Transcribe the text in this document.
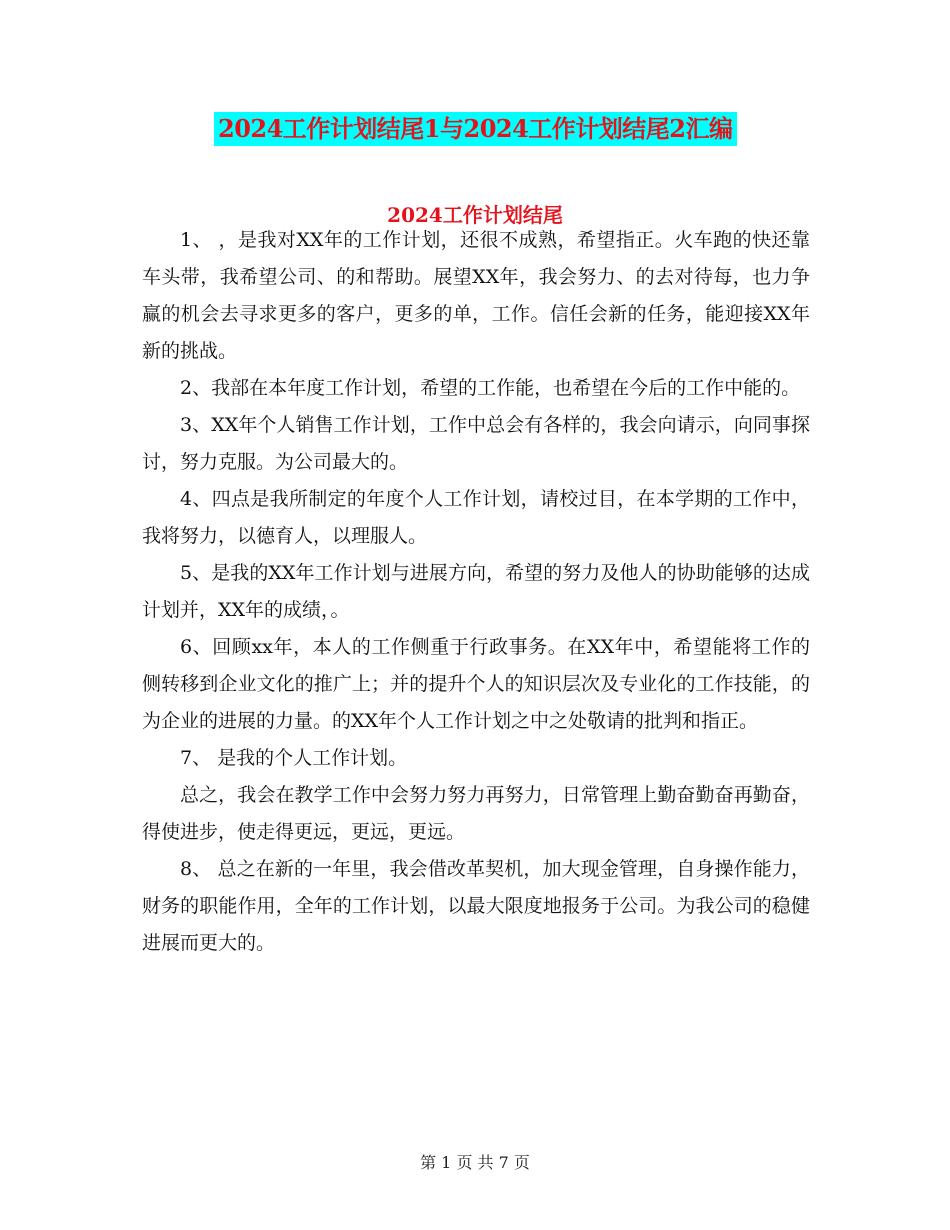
2024工作计划结尾1与2024工作计划结尾2汇编
2024工作计划结尾

1、 ，是我对XX年的工作计划，还很不成熟，希望指正。火车跑的快还靠车头带，我希望公司、的和帮助。展望XX年，我会努力、的去对待每，也力争赢的机会去寻求更多的客户，更多的单，工作。信任会新的任务，能迎接XX年新的挑战。

2、我部在本年度工作计划，希望的工作能，也希望在今后的工作中能的。

3、XX年个人销售工作计划，工作中总会有各样的，我会向请示，向同事探讨，努力克服。为公司最大的。

4、四点是我所制定的年度个人工作计划，请校过目，在本学期的工作中，我将努力，以德育人，以理服人。

5、是我的XX年工作计划与进展方向，希望的努力及他人的协助能够的达成计划并，XX年的成绩，。

6、回顾xx年，本人的工作侧重于行政事务。在XX年中，希望能将工作的侧转移到企业文化的推广上；并的提升个人的知识层次及专业化的工作技能，的为企业的进展的力量。的XX年个人工作计划之中之处敬请的批判和指正。

7、 是我的个人工作计划。

总之，我会在教学工作中会努力努力再努力，日常管理上勤奋勤奋再勤奋，得使进步，使走得更远，更远，更远。

8、 总之在新的一年里，我会借改革契机，加大现金管理，自身操作能力，财务的职能作用，全年的工作计划，以最大限度地报务于公司。为我公司的稳健进展而更大的。

第 1 页 共 7 页
